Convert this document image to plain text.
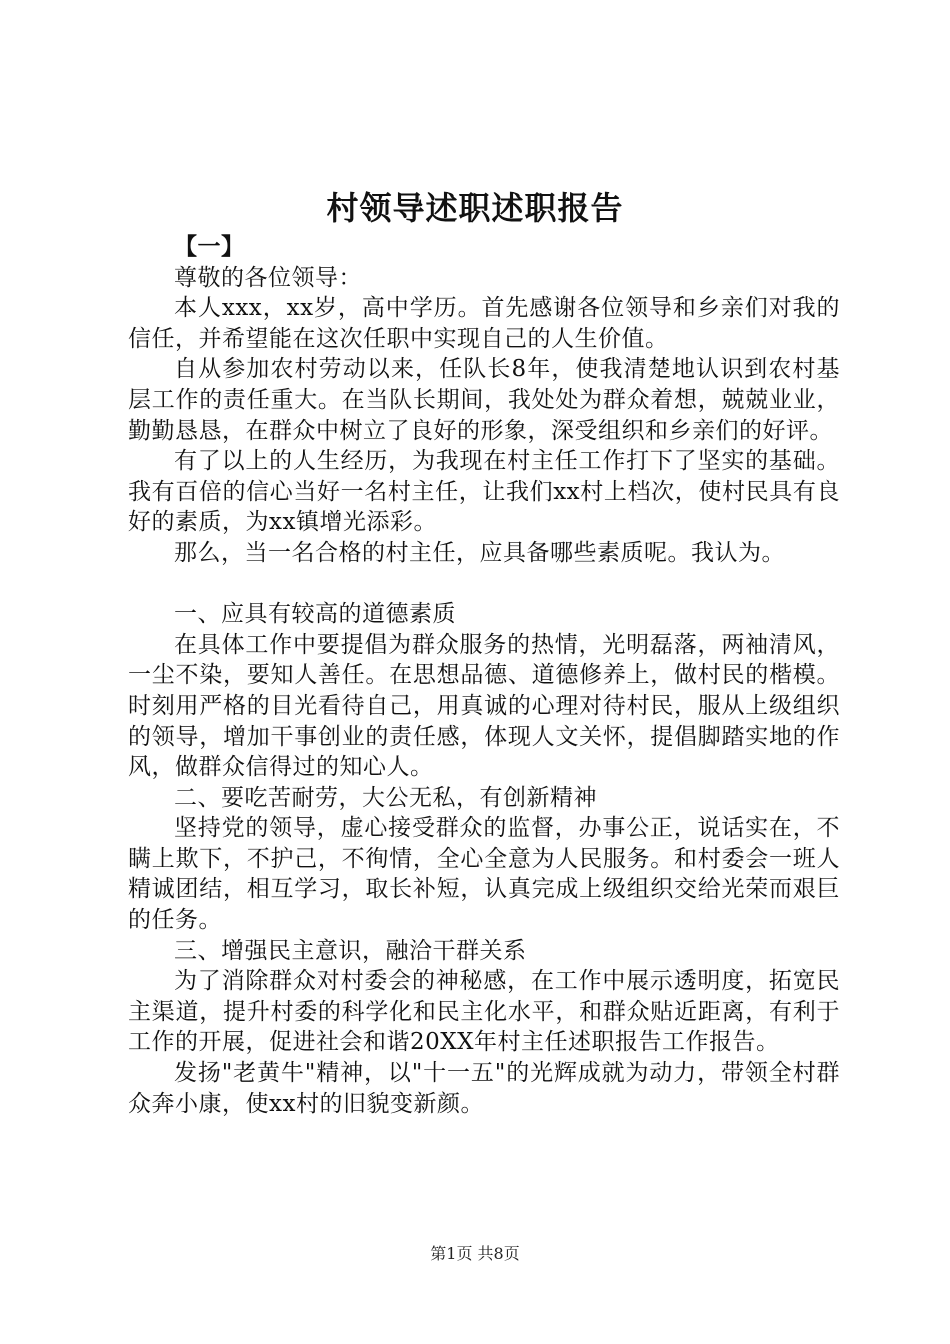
村领导述职述职报告

【一】

尊敬的各位领导：

本人xxx，xx岁，高中学历。首先感谢各位领导和乡亲们对我的信任，并希望能在这次任职中实现自己的人生价值。

自从参加农村劳动以来，任队长8年，使我清楚地认识到农村基层工作的责任重大。在当队长期间，我处处为群众着想，兢兢业业，勤勤恳恳，在群众中树立了良好的形象，深受组织和乡亲们的好评。

有了以上的人生经历，为我现在村主任工作打下了坚实的基础。我有百倍的信心当好一名村主任，让我们xx村上档次，使村民具有良好的素质，为xx镇增光添彩。

那么，当一名合格的村主任，应具备哪些素质呢。我认为。

一、应具有较高的道德素质

在具体工作中要提倡为群众服务的热情，光明磊落，两袖清风，一尘不染，要知人善任。在思想品德、道德修养上，做村民的楷模。时刻用严格的目光看待自己，用真诚的心理对待村民，服从上级组织的领导，增加干事创业的责任感，体现人文关怀，提倡脚踏实地的作风，做群众信得过的知心人。

二、要吃苦耐劳，大公无私，有创新精神

坚持党的领导，虚心接受群众的监督，办事公正，说话实在，不瞒上欺下，不护己，不徇情，全心全意为人民服务。和村委会一班人精诚团结，相互学习，取长补短，认真完成上级组织交给光荣而艰巨的任务。

三、增强民主意识，融洽干群关系

为了消除群众对村委会的神秘感，在工作中展示透明度，拓宽民主渠道，提升村委的科学化和民主化水平，和群众贴近距离，有利于工作的开展，促进社会和谐20XX年村主任述职报告工作报告。

发扬"老黄牛"精神，以"十一五"的光辉成就为动力，带领全村群众奔小康，使xx村的旧貌变新颜。

第1页 共8页
